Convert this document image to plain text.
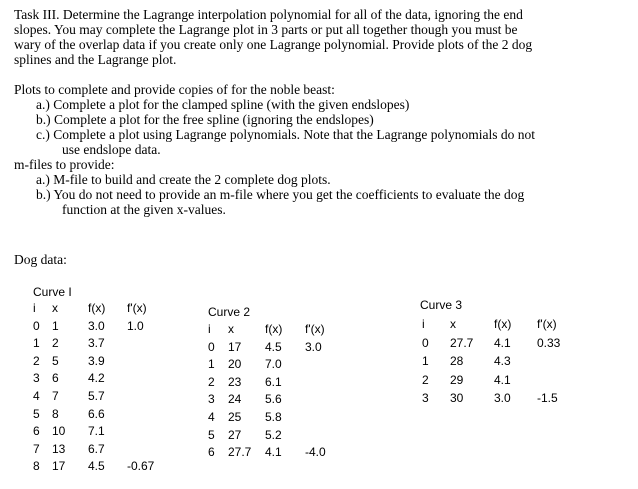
Task III. Determine the Lagrange interpolation polynomial for all of the data, ignoring the end
slopes. You may complete the Lagrange plot in 3 parts or put all together though you must be
wary of the overlap data if you create only one Lagrange polynomial. Provide plots of the 2 dog
splines and the Lagrange plot.
Plots to complete and provide copies of for the noble beast:
a.) Complete a plot for the clamped spline (with the given endslopes)
b.) Complete a plot for the free spline (ignoring the endslopes)
c.) Complete a plot using Lagrange polynomials. Note that the Lagrange polynomials do not
use endslope data.
m-files to provide:
a.) M-file to build and create the 2 complete dog plots.
b.) You do not need to provide an m-file where you get the coefficients to evaluate the dog
function at the given x-values.
Dog data:
Curve I
i x	f(x) f'(x)
0 1 3.0 1.0
1 2 3.7
2 5 3.9
3 6 4.2
4 7 5.7
5 8 6.6
6 10 7.1
7 13 6.7
8 17 4.5 -0.67
Curve 2
i x	f(x) f'(x)
0 17 4.5 3.0
1 20 7.0
2 23 6.1
3 24 5.6
4 25 5.8
5 27 5.2
6 27.7 4.1 -4.0
Curve 3
i x	f(x) f'(x)
0 27.7 4.1 0.33
1 28	4.3
2 29	4.1
3 30	3.0 -1.5
